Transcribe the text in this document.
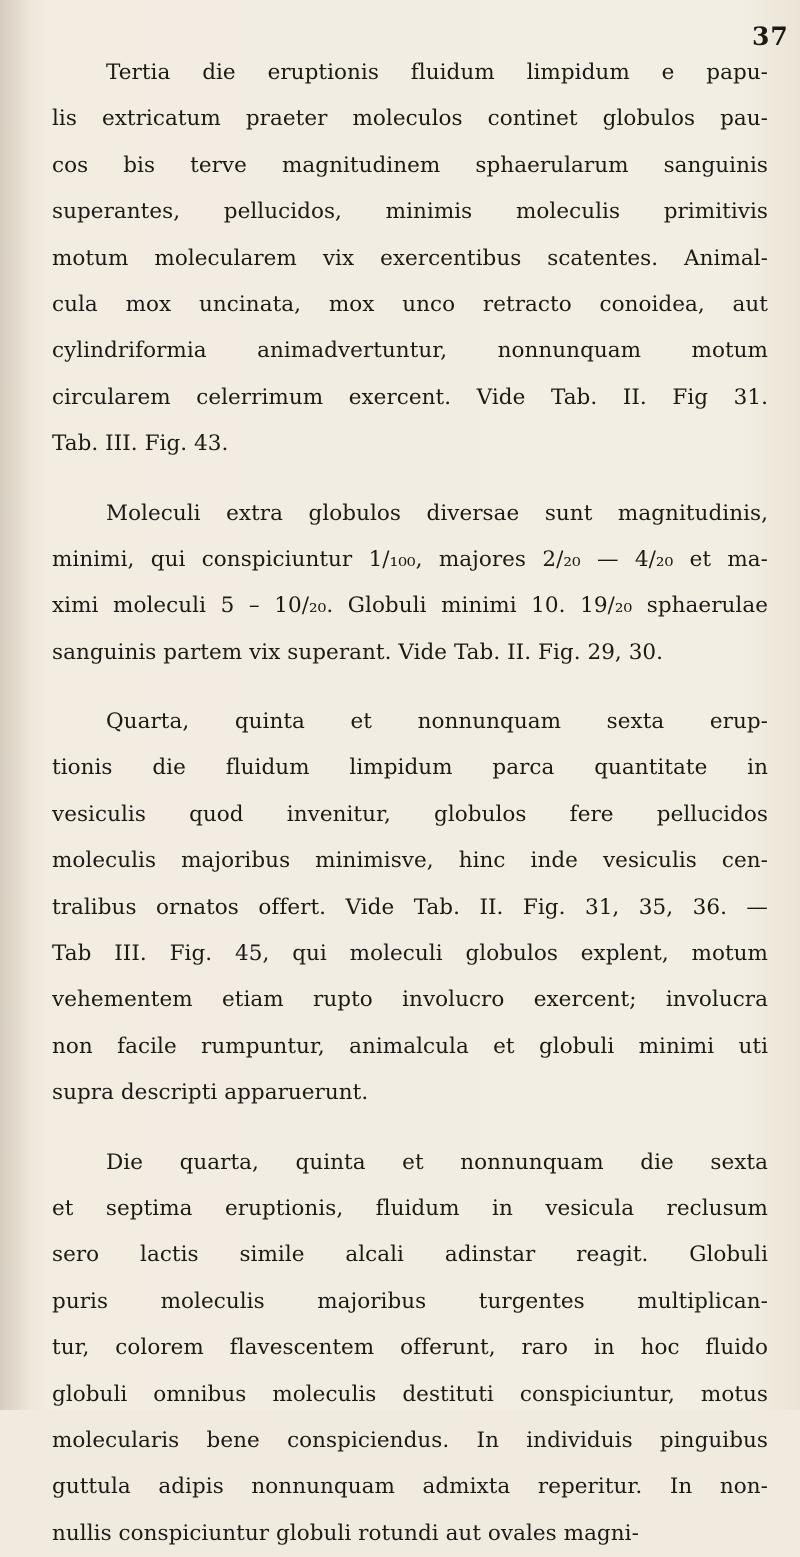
37
Tertia die eruptionis fluidum limpidum e papu-
lis extricatum praeter moleculos continet globulos pau-
cos bis terve magnitudinem sphaerularum sanguinis
superantes, pellucidos, minimis moleculis primitivis
motum molecularem vix exercentibus scatentes. Animal-
cula mox uncinata, mox unco retracto conoidea, aut
cylindriformia animadvertuntur, nonnunquam motum
circularem celerrimum exercent. Vide Tab. II. Fig 31.
Tab. III. Fig. 43.
Moleculi extra globulos diversae sunt magnitudinis,
minimi, qui conspiciuntur 1/₁₀₀, majores 2/₂₀ — 4/₂₀ et ma-
ximi moleculi 5 – 10/₂₀. Globuli minimi 10. 19/₂₀ sphaerulae
sanguinis partem vix superant. Vide Tab. II. Fig. 29, 30.
Quarta, quinta et nonnunquam sexta erup-
tionis die fluidum limpidum parca quantitate in
vesiculis quod invenitur, globulos fere pellucidos
moleculis majoribus minimisve, hinc inde vesiculis cen-
tralibus ornatos offert. Vide Tab. II. Fig. 31, 35, 36. —
Tab III. Fig. 45, qui moleculi globulos explent, motum
vehementem etiam rupto involucro exercent; involucra
non facile rumpuntur, animalcula et globuli minimi uti
supra descripti apparuerunt.
Die quarta, quinta et nonnunquam die sexta
et septima eruptionis, fluidum in vesicula reclusum
sero lactis simile alcali adinstar reagit. Globuli
puris moleculis majoribus turgentes multiplican-
tur, colorem flavescentem offerunt, raro in hoc fluido
globuli omnibus moleculis destituti conspiciuntur, motus
molecularis bene conspiciendus. In individuis pinguibus
guttula adipis nonnunquam admixta reperitur. In non-
nullis conspiciuntur globuli rotundi aut ovales magni-
